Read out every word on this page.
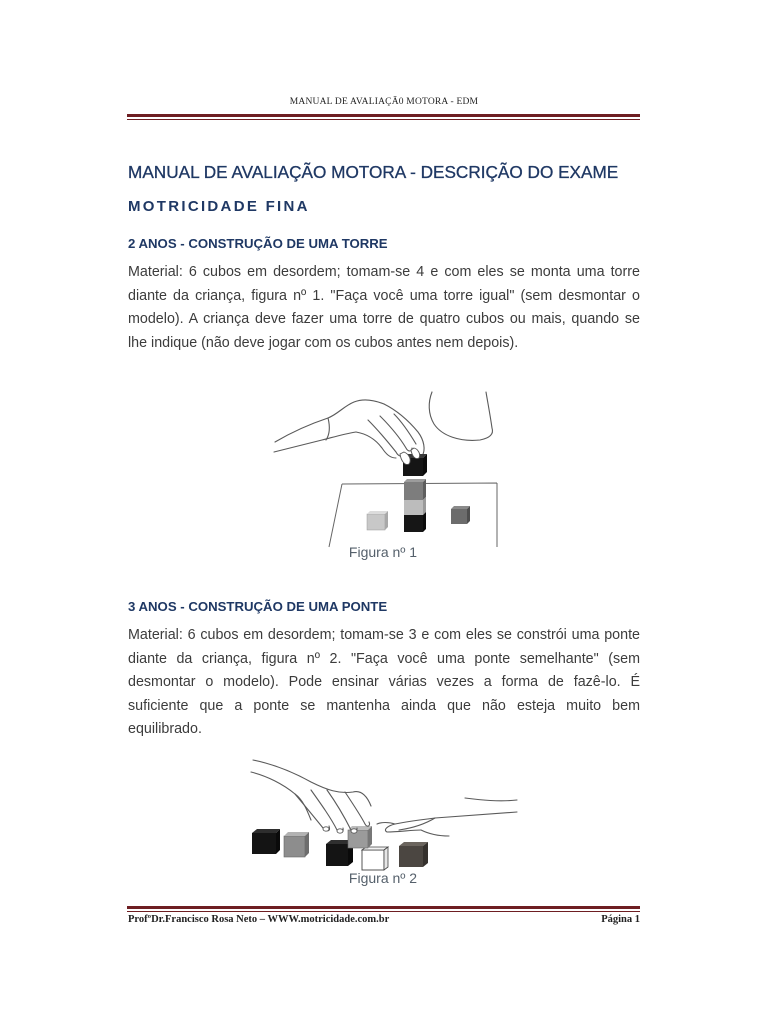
MANUAL DE AVALIAÇÃ0 MOTORA - EDM
MANUAL DE AVALIAÇÃO MOTORA - DESCRIÇÃO DO EXAME
MOTRICIDADE FINA
2 ANOS - CONSTRUÇÃO DE UMA TORRE
Material: 6 cubos em desordem; tomam-se 4 e com eles se monta uma torre
diante da criança, figura nº 1. "Faça você uma torre igual" (sem desmontar o
modelo). A criança deve fazer uma torre de quatro cubos ou mais, quando se
lhe indique (não deve jogar com os cubos antes nem depois).
Figura nº 1
3 ANOS - CONSTRUÇÃO DE UMA PONTE
Material: 6 cubos em desordem; tomam-se 3 e com eles se constrói uma ponte
diante da criança, figura nº 2. "Faça você uma ponte semelhante" (sem
desmontar o modelo). Pode ensinar várias vezes a forma de fazê-lo. É
suficiente que a ponte se mantenha ainda que não esteja muito bem
equilibrado.
Figura nº 2
ProfºDr.Francisco Rosa Neto – WWW.motricidade.com.br	Página 1
